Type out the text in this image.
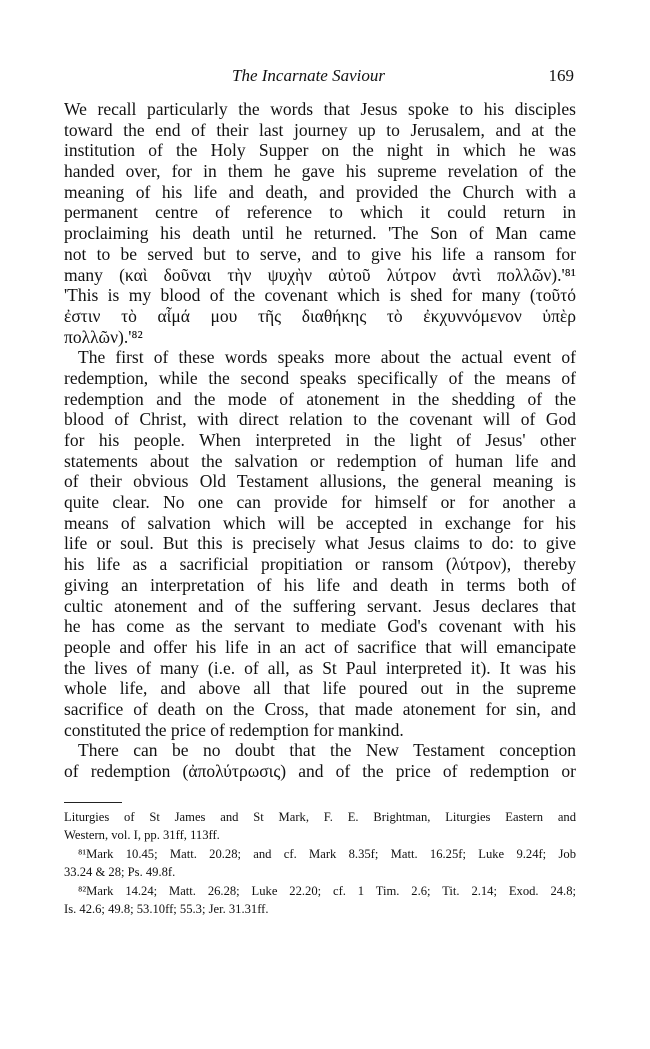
The Incarnate Saviour	169
We recall particularly the words that Jesus spoke to his disciples
toward the end of their last journey up to Jerusalem, and at the
institution of the Holy Supper on the night in which he was
handed over, for in them he gave his supreme revelation of the
meaning of his life and death, and provided the Church with a
permanent centre of reference to which it could return in
proclaiming his death until he returned. 'The Son of Man came
not to be served but to serve, and to give his life a ransom for
many (καὶ δοῦναι τὴν ψυχὴν αὐτοῦ λύτρον ἀντὶ πολλῶν).'⁸¹
'This is my blood of the covenant which is shed for many (τοῦτό
ἐστιν τὸ αἷμά μου τῆς διαθήκης τὸ ἐκχυννόμενον ὑπὲρ
πολλῶν).'⁸²
The first of these words speaks more about the actual event of
redemption, while the second speaks specifically of the means of
redemption and the mode of atonement in the shedding of the
blood of Christ, with direct relation to the covenant will of God
for his people. When interpreted in the light of Jesus' other
statements about the salvation or redemption of human life and
of their obvious Old Testament allusions, the general meaning is
quite clear. No one can provide for himself or for another a
means of salvation which will be accepted in exchange for his
life or soul. But this is precisely what Jesus claims to do: to give
his life as a sacrificial propitiation or ransom (λύτρον), thereby
giving an interpretation of his life and death in terms both of
cultic atonement and of the suffering servant. Jesus declares that
he has come as the servant to mediate God's covenant with his
people and offer his life in an act of sacrifice that will emancipate
the lives of many (i.e. of all, as St Paul interpreted it). It was his
whole life, and above all that life poured out in the supreme
sacrifice of death on the Cross, that made atonement for sin, and
constituted the price of redemption for mankind.
There can be no doubt that the New Testament conception
of redemption (ἀπολύτρωσις) and of the price of redemption or
Liturgies of St James and St Mark, F. E. Brightman, Liturgies Eastern and
Western, vol. I, pp. 31ff, 113ff.
⁸¹Mark 10.45; Matt. 20.28; and cf. Mark 8.35f; Matt. 16.25f; Luke 9.24f; Job
33.24 & 28; Ps. 49.8f.
⁸²Mark 14.24; Matt. 26.28; Luke 22.20; cf. 1 Tim. 2.6; Tit. 2.14; Exod. 24.8;
Is. 42.6; 49.8; 53.10ff; 55.3; Jer. 31.31ff.
